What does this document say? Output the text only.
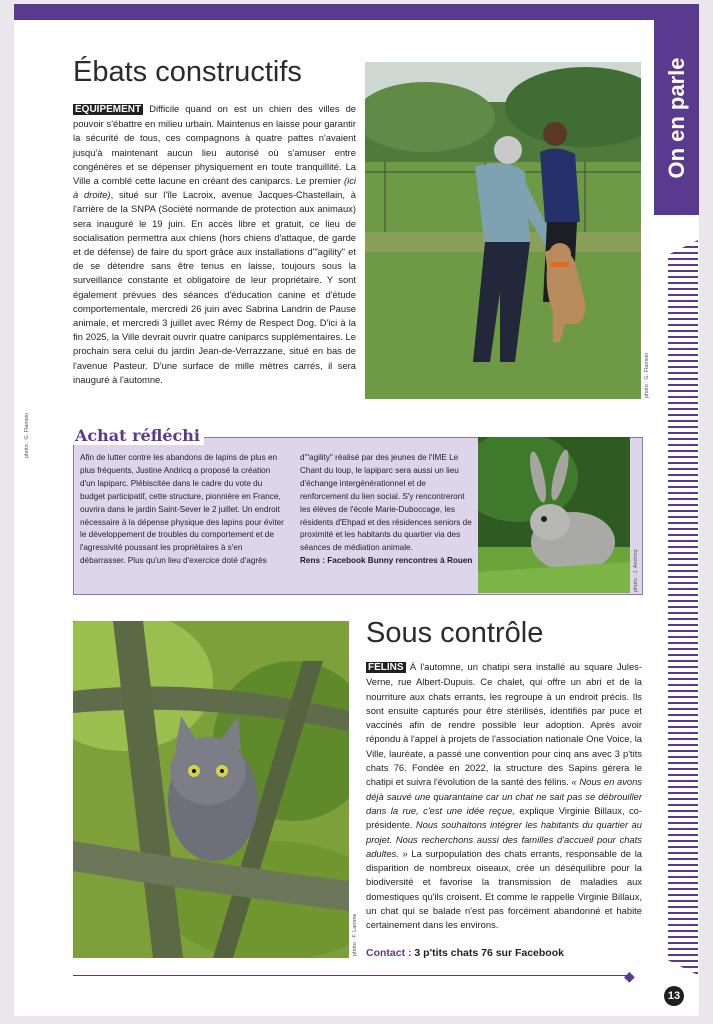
On en parle
Ébats constructifs
ÉQUIPEMENT Difficile quand on est un chien des villes de pouvoir s'ébattre en milieu urbain. Maintenus en laisse pour garantir la sécurité de tous, ces compagnons à quatre pattes n'avaient jusqu'à maintenant aucun lieu autorisé où s'amuser entre congénères et se dépenser physiquement en toute tranquillité. La Ville a comblé cette lacune en créant des caniparcs. Le premier (ici à droite), situé sur l'île Lacroix, avenue Jacques-Chastellain, à l'arrière de la SNPA (Société normande de protection aux animaux) sera inauguré le 19 juin. En accès libre et gratuit, ce lieu de socialisation permettra aux chiens (hors chiens d'attaque, de garde et de défense) de faire du sport grâce aux installations d'"agility" et de se détendre sans être tenus en laisse, toujours sous la surveillance constante et obligatoire de leur propriétaire. Y sont également prévues des séances d'éducation canine et d'étude comportementale, mercredi 26 juin avec Sabrina Landrin de Pause animale, et mercredi 3 juillet avec Rémy de Respect Dog. D'ici à la fin 2025, la Ville devrait ouvrir quatre caniparcs supplémentaires. Le prochain sera celui du jardin Jean-de-Verrazzane, situé en bas de l'avenue Pasteur. D'une surface de mille mètres carrés, il sera inauguré à l'automne.	photo : G. Flamein
photo : G. Flamein	Achat réfléchi
Afin de lutter contre les abandons de lapins de plus en plus fréquents, Justine Andricq a proposé la création d'un lapiparc. Plébiscitée dans le cadre du vote du budget participatif, cette structure, pionnière en France, ouvrira dans le jardin Saint-Sever le 2 juillet. Un endroit nécessaire à la dépense physique des lapins pour éviter le développement de troubles du comportement et de l'agressivité poussant les propriétaires à s'en débarrasser. Plus qu'un lieu d'exercice doté d'agrès
d'"agility" réalisé par des jeunes de l'IME Le Chant du loup, le lapiparc sera aussi un lieu d'échange intergénérationnel et de renforcement du lien social. S'y rencontreront les élèves de l'école Marie-Duboccage, les résidents d'Ehpad et des résidences seniors de proximité et les habitants du quartier via des séances de médiation animale.
Rens : Facebook Bunny rencontres à Rouen	photo : J. Andricq
photo : F. Lamme
Sous contrôle
FÉLINS À l'automne, un chatipi sera installé au square Jules-Verne, rue Albert-Dupuis. Ce chalet, qui offre un abri et de la nourriture aux chats errants, les regroupe à un endroit précis. Ils sont ensuite capturés pour être stérilisés, identifiés par puce et vaccinés afin de rendre possible leur adoption. Après avoir répondu à l'appel à projets de l'association nationale One Voice, la Ville, lauréate, a passé une convention pour cinq ans avec 3 p'tits chats 76. Fondée en 2022, la structure des Sapins gérera le chatipi et suivra l'évolution de la santé des félins. « Nous en avons déjà sauvé une quarantaine car un chat ne sait pas se débrouiller dans la rue, c'est une idée reçue, explique Virginie Billaux, co-présidente. Nous souhaitons intégrer les habitants du quartier au projet. Nous recherchons aussi des familles d'accueil pour chats adultes. » La surpopulation des chats errants, responsable de la disparition de nombreux oiseaux, crée un déséquilibre pour la biodiversité et favorise la transmission de maladies aux domestiques qu'ils croisent. Et comme le rappelle Virginie Billaux, un chat qui se balade n'est pas forcément abandonné et habite certainement dans les environs.
Contact : 3 p'tits chats 76 sur Facebook
◆
13
